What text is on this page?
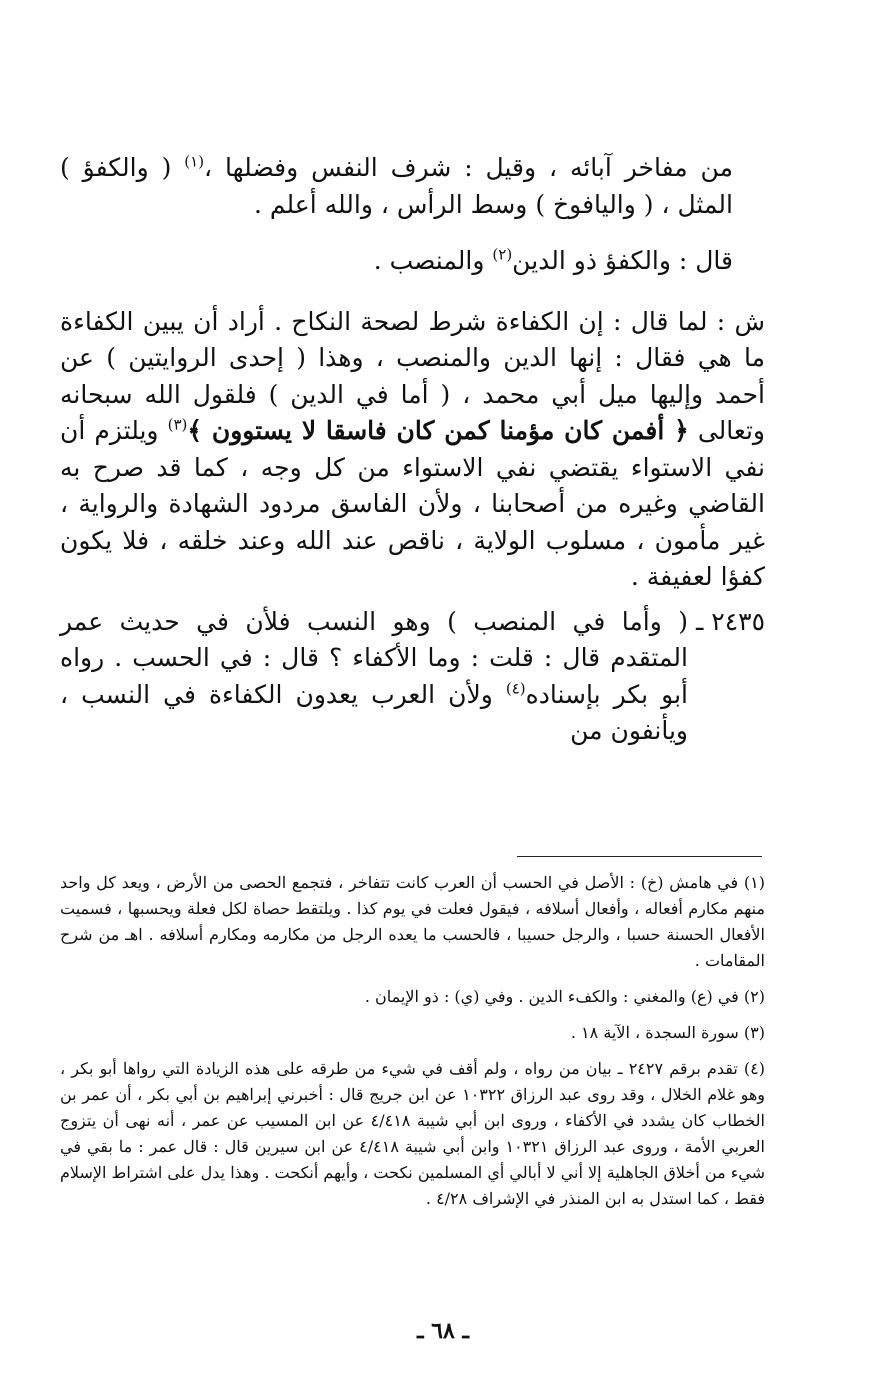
من مفاخر آبائه ، وقيل : شرف النفس وفضلها ،$^{(١)}$ ( والكفؤ ) المثل ، ( واليافوخ ) وسط الرأس ، والله أعلم .

قال : والكفؤ ذو الدين$^{(٢)}$ والمنصب .

ش : لما قال : إن الكفاءة شرط لصحة النكاح . أراد أن يبين الكفاءة ما هي فقال : إنها الدين والمنصب ، وهذا ( إحدى الروايتين ) عن أحمد وإليها ميل أبي محمد ، ( أما في الدين ) فلقول الله سبحانه وتعالى ﴿ أفمن كان مؤمنا كمن كان فاسقا لا يستوون ﴾$^{(٣)}$ ويلتزم أن نفي الاستواء يقتضي نفي الاستواء من كل وجه ، كما قد صرح به القاضي وغيره من أصحابنا ، ولأن الفاسق مردود الشهادة والرواية ، غير مأمون ، مسلوب الولاية ، ناقص عند الله وعند خلقه ، فلا يكون كفؤا لعفيفة .

٢٤٣٥ ـ

( وأما في المنصب ) وهو النسب فلأن في حديث عمر المتقدم قال : قلت : وما الأكفاء ؟ قال : في الحسب . رواه أبو بكر بإسناده$^{(٤)}$ ولأن العرب يعدون الكفاءة في النسب ، ويأنفون من

(١) في هامش (خ) : الأصل في الحسب أن العرب كانت تتفاخر ، فتجمع الحصى من الأرض ، ويعد كل واحد منهم مكارم أفعاله ، وأفعال أسلافه ، فيقول فعلت في يوم كذا . ويلتقط حصاة لكل فعلة ويحسبها ، فسميت الأفعال الحسنة حسبا ، والرجل حسيبا ، فالحسب ما يعده الرجل من مكارمه ومكارم أسلافه . اهـ من شرح المقامات .

(٢) في (ع) والمغني : والكفء الدين . وفي (ي) : ذو الإيمان .

(٣) سورة السجدة ، الآية ١٨ .

(٤) تقدم برقم ٢٤٢٧ ـ بيان من رواه ، ولم أقف في شيء من طرقه على هذه الزيادة التي رواها أبو بكر ، وهو غلام الخلال ، وقد روى عبد الرزاق ١٠٣٢٢ عن ابن جريج قال : أخبرني إبراهيم بن أبي بكر ، أن عمر بن الخطاب كان يشدد في الأكفاء ، وروى ابن أبي شيبة ٤/٤١٨ عن ابن المسيب عن عمر ، أنه نهى أن يتزوج العربي الأمة ، وروى عبد الرزاق ١٠٣٢١ وابن أبي شيبة ٤/٤١٨ عن ابن سيرين قال : قال عمر : ما بقي في شيء من أخلاق الجاهلية إلا أني لا أبالي أي المسلمين نكحت ، وأيهم أنكحت . وهذا يدل على اشتراط الإسلام فقط ، كما استدل به ابن المنذر في الإشراف ٤/٢٨ .

ـ ٦٨ ـ
